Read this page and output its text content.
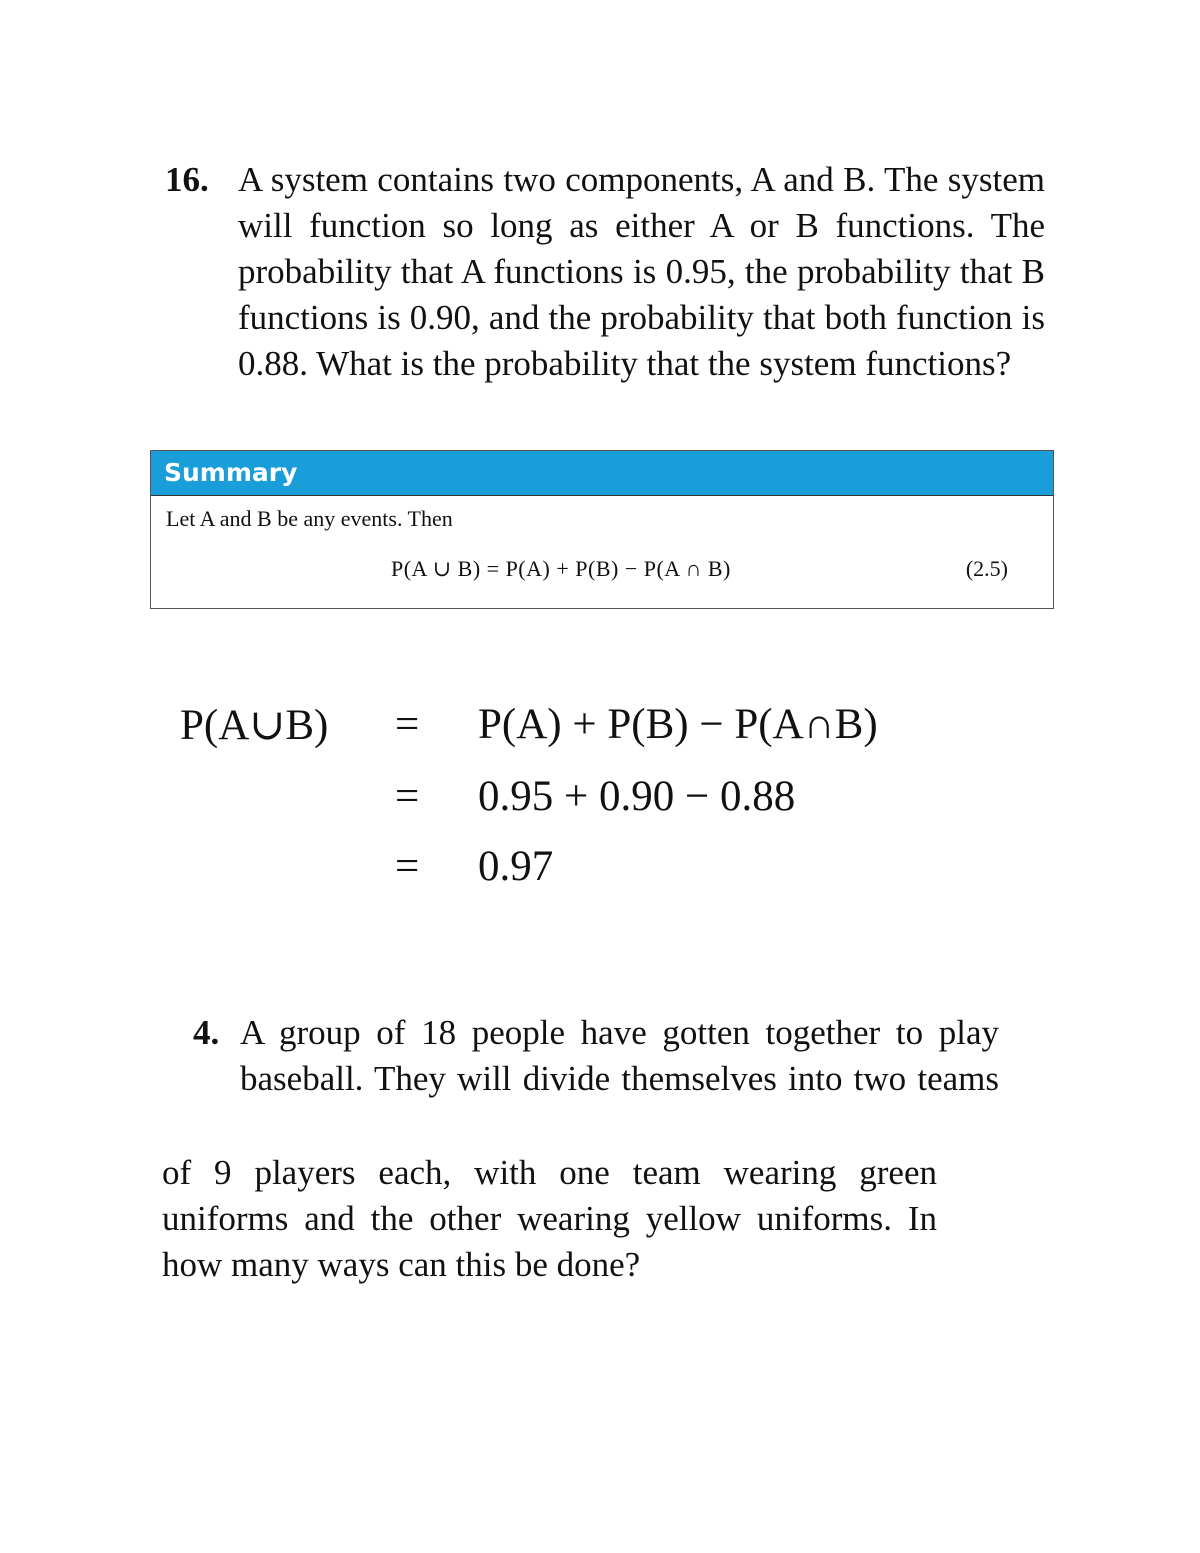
16. A system contains two components, A and B. The system will function so long as either A or B functions. The probability that A functions is 0.95, the probability that B functions is 0.90, and the probability that both function is 0.88. What is the probability that the system functions?
Summary
Let A and B be any events. Then
P(A ∪ B) = P(A) + P(B) − P(A ∩ B)	(2.5)
P(A∪B) = P(A) + P(B) − P(A∩B)
= 0.95 + 0.90 − 0.88
= 0.97
4. A group of 18 people have gotten together to play baseball. They will divide themselves into two teams
of 9 players each, with one team wearing green uniforms and the other wearing yellow uniforms. In how many ways can this be done?
